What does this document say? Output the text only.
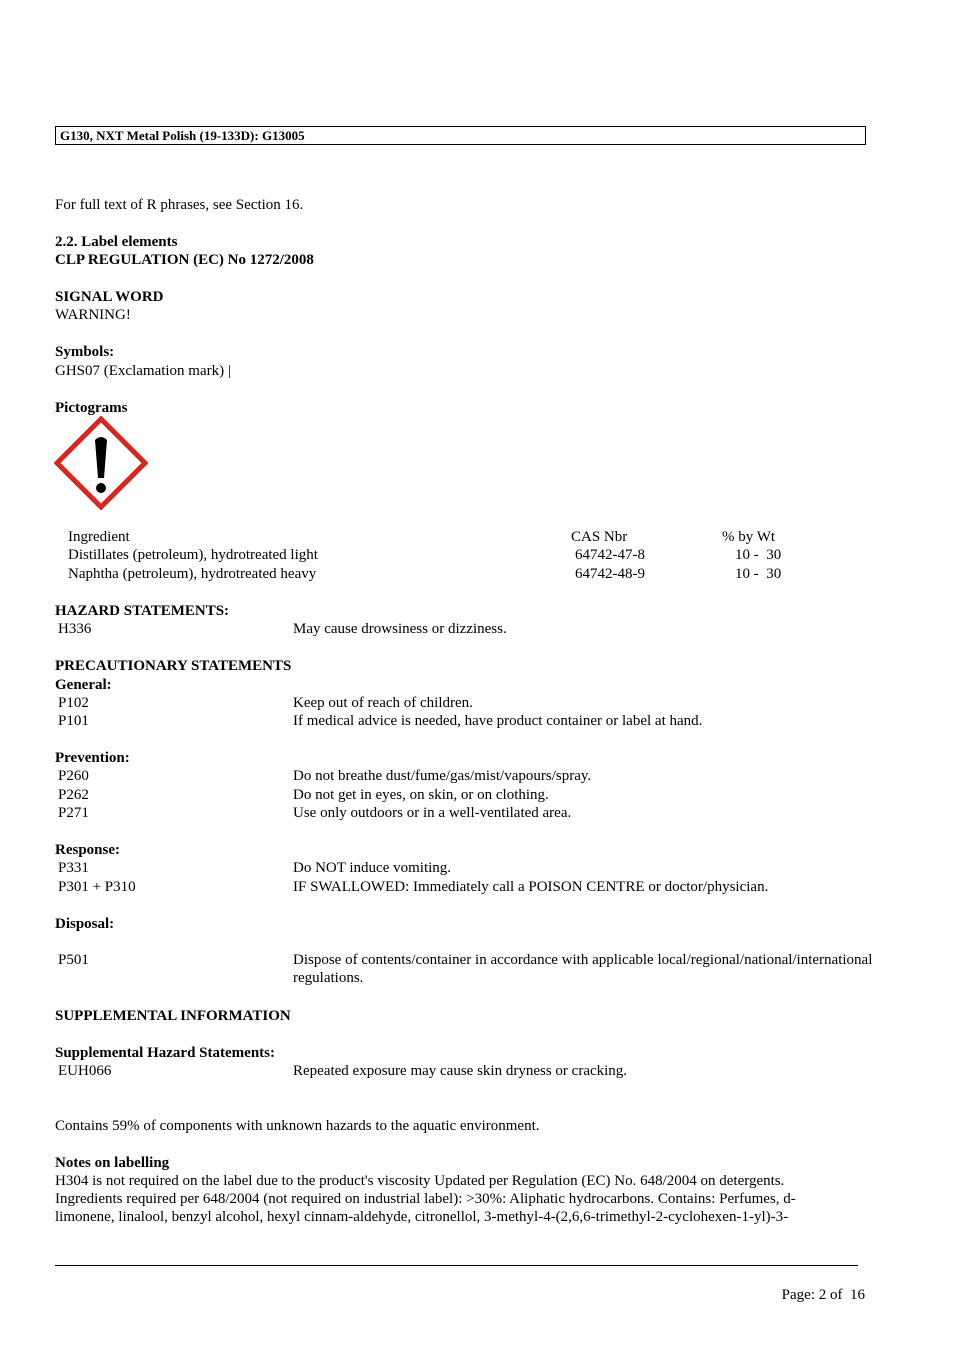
G130, NXT Metal Polish (19-133D): G13005
For full text of R phrases, see Section 16.
2.2. Label elements
CLP REGULATION (EC) No 1272/2008
SIGNAL WORD
WARNING!
Symbols:
GHS07 (Exclamation mark) |
Pictograms
Ingredient	CAS Nbr	% by Wt
Distillates (petroleum), hydrotreated light	64742-47-8	10 -  30
Naphtha (petroleum), hydrotreated heavy	64742-48-9	10 -  30
HAZARD STATEMENTS:
H336	May cause drowsiness or dizziness.
PRECAUTIONARY STATEMENTS
General:
P102	Keep out of reach of children.
P101	If medical advice is needed, have product container or label at hand.
Prevention:
P260	Do not breathe dust/fume/gas/mist/vapours/spray.
P262	Do not get in eyes, on skin, or on clothing.
P271	Use only outdoors or in a well-ventilated area.
Response:
P331	Do NOT induce vomiting.
P301 + P310	IF SWALLOWED: Immediately call a POISON CENTRE or doctor/physician.
Disposal:
P501	Dispose of contents/container in accordance with applicable local/regional/national/international regulations.
SUPPLEMENTAL INFORMATION
Supplemental Hazard Statements:
EUH066	Repeated exposure may cause skin dryness or cracking.
Contains 59% of components with unknown hazards to the aquatic environment.
Notes on labelling
H304 is not required on the label due to the product's viscosity Updated per Regulation (EC) No. 648/2004 on detergents. Ingredients required per 648/2004 (not required on industrial label): >30%: Aliphatic hydrocarbons. Contains: Perfumes, d-limonene, linalool, benzyl alcohol, hexyl cinnam-aldehyde, citronellol, 3-methyl-4-(2,6,6-trimethyl-2-cyclohexen-1-yl)-3-
Page: 2 of  16
